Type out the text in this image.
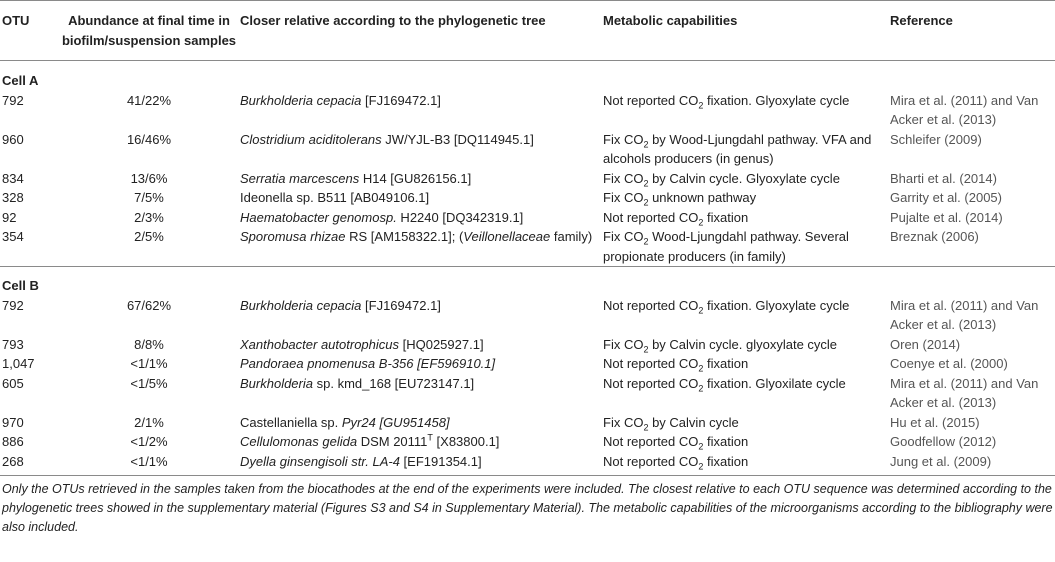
OTU	Abundance at final time in biofilm/suspension samples	Closer relative according to the phylogenetic tree	Metabolic capabilities	Reference
Cell A				
792	41/22%	Burkholderia cepacia [FJ169472.1]	Not reported $CO_2$ fixation. Glyoxylate cycle	Mira et al. (2011) and Van Acker et al. (2013)
960	16/46%	Clostridium aciditolerans JW/YJL-B3 [DQ114945.1]	Fix $CO_2$ by Wood-Ljungdahl pathway. VFA and alcohols producers (in genus)	Schleifer (2009)
834	13/6%	Serratia marcescens H14 [GU826156.1]	Fix $CO_2$ by Calvin cycle. Glyoxylate cycle	Bharti et al. (2014)
328	7/5%	Ideonella sp. B511 [AB049106.1]	Fix $CO_2$ unknown pathway	Garrity et al. (2005)
92	2/3%	Haematobacter genomosp. H2240 [DQ342319.1]	Not reported $CO_2$ fixation	Pujalte et al. (2014)
354	2/5%	Sporomusa rhizae RS [AM158322.1]; (Veillonellaceae family)	Fix $CO_2$ Wood-Ljungdahl pathway. Several propionate producers (in family)	Breznak (2006)
Cell B				
792	67/62%	Burkholderia cepacia [FJ169472.1]	Not reported $CO_2$ fixation. Glyoxylate cycle	Mira et al. (2011) and Van Acker et al. (2013)
793	8/8%	Xanthobacter autotrophicus [HQ025927.1]	Fix $CO_2$ by Calvin cycle. glyoxylate cycle	Oren (2014)
1,047	<1/1%	Pandoraea pnomenusa B-356 [EF596910.1]	Not reported $CO_2$ fixation	Coenye et al. (2000)
605	<1/5%	Burkholderia sp. kmd_168 [EU723147.1]	Not reported $CO_2$ fixation. Glyoxilate cycle	Mira et al. (2011) and Van Acker et al. (2013)
970	2/1%	Castellaniella sp. Pyr24 [GU951458]	Fix $CO_2$ by Calvin cycle	Hu et al. (2015)
886	<1/2%	Cellulomonas gelida DSM $20111^T$ [X83800.1]	Not reported $CO_2$ fixation	Goodfellow (2012)
268	<1/1%	Dyella ginsengisoli str. LA-4 [EF191354.1]	Not reported $CO_2$ fixation	Jung et al. (2009)

Only the OTUs retrieved in the samples taken from the biocathodes at the end of the experiments were included. The closest relative to each OTU sequence was determined according to the phylogenetic trees showed in the supplementary material (Figures S3 and S4 in Supplementary Material). The metabolic capabilities of the microorganisms according to the bibliography were also included.
